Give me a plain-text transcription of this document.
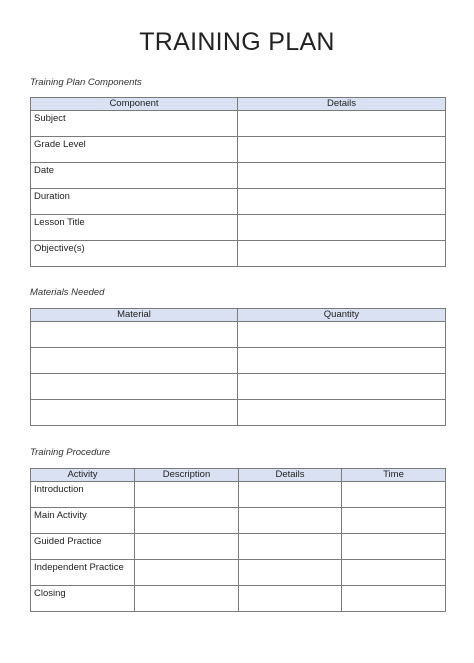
TRAINING PLAN
Training Plan Components
Component	Details
Subject	
Grade Level	
Date	
Duration	
Lesson Title	
Objective(s)	
Materials Needed
Material	Quantity

Training Procedure
Activity	Description	Details	Time
Introduction			
Main Activity			
Guided Practice			
Independent Practice			
Closing			
